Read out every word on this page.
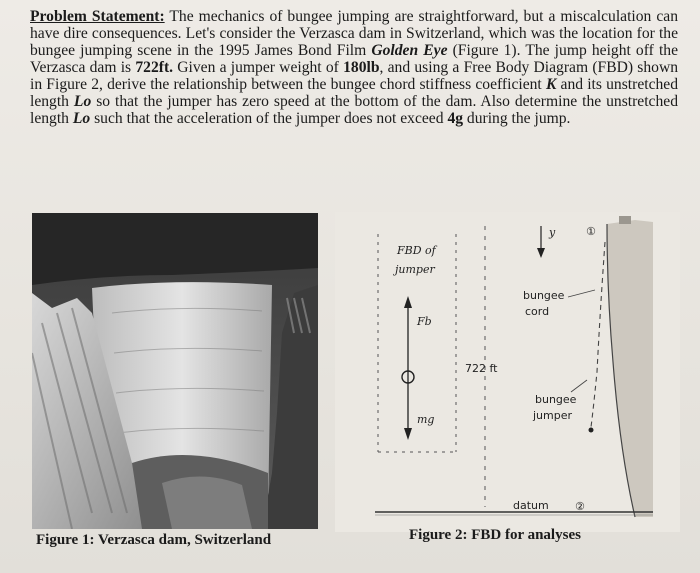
Problem Statement: The mechanics of bungee jumping are straightforward, but a miscalculation can have dire consequences. Let's consider the Verzasca dam in Switzerland, which was the location for the bungee jumping scene in the 1995 James Bond Film Golden Eye (Figure 1). The jump height off the Verzasca dam is 722ft. Given a jumper weight of 180lb, and using a Free Body Diagram (FBD) shown in Figure 2, derive the relationship between the bungee chord stiffness coefficient K and its unstretched length Lo so that the jumper has zero speed at the bottom of the dam. Also determine the unstretched length Lo such that the acceleration of the jumper does not exceed 4g during the jump.
Figure 1: Verzasca dam, Switzerland
FBD of
jumper
Fb
mg
722 ft
y	①
bungee
cord
bungee
jumper
datum ②
Figure 2: FBD for analyses
